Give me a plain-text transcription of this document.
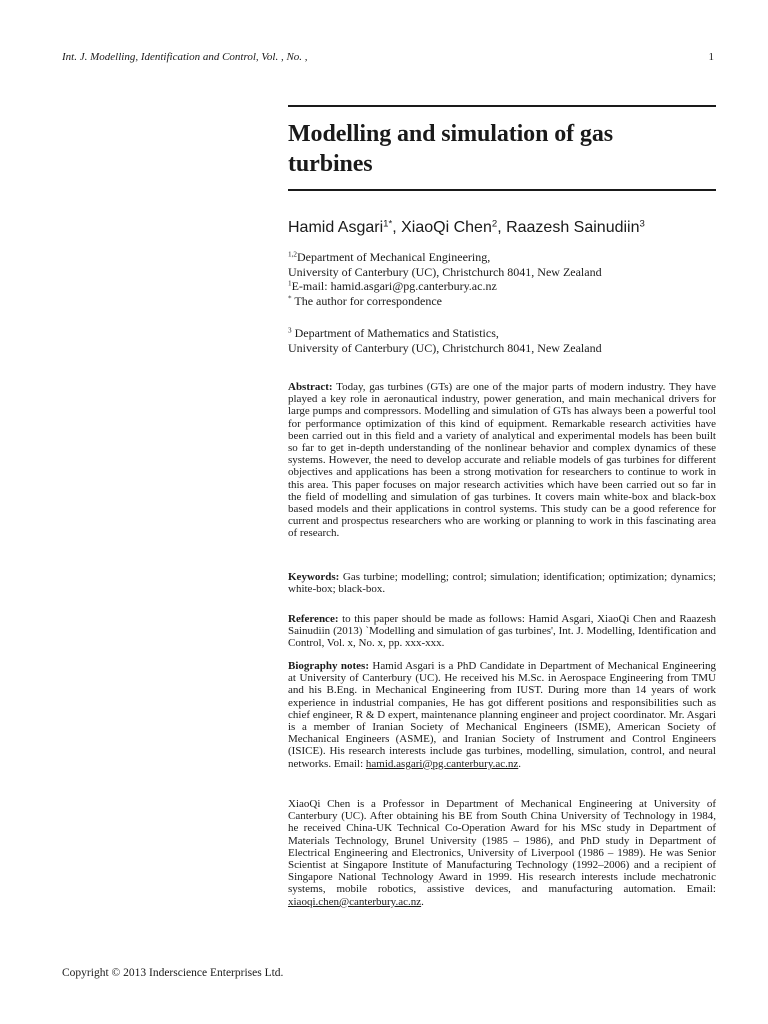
Int. J. Modelling, Identification and Control, Vol. , No. ,	1
Modelling and simulation of gas
turbines
Hamid Asgari$^{1*}$, XiaoQi Chen$^2$, Raazesh Sainudiin$^3$
$^{1,2}$Department of Mechanical Engineering,
University of Canterbury (UC), Christchurch 8041, New Zealand
$^1$E-mail: hamid.asgari@pg.canterbury.ac.nz
* The author for correspondence
$^3$ Department of Mathematics and Statistics,
University of Canterbury (UC), Christchurch 8041, New Zealand

Abstract: Today, gas turbines (GTs) are one of the major parts of modern industry. They have played a key role in aeronautical industry, power generation, and main mechanical drivers for large pumps and compressors. Modelling and simulation of GTs has always been a powerful tool for performance optimization of this kind of equipment. Remarkable research activities have been carried out in this field and a variety of analytical and experimental models has been built so far to get in-depth understanding of the nonlinear behavior and complex dynamics of these systems. However, the need to develop accurate and reliable models of gas turbines for different objectives and applications has been a strong motivation for researchers to continue to work in this area. This paper focuses on major research activities which have been carried out so far in the field of modelling and simulation of gas turbines. It covers main white-box and black-box based models and their applications in control systems. This study can be a good reference for current and prospectus researchers who are working or planning to work in this fascinating area of research.

Keywords: Gas turbine; modelling; control; simulation; identification; optimization; dynamics; white-box; black-box.

Reference: to this paper should be made as follows: Hamid Asgari, XiaoQi Chen and Raazesh Sainudiin (2013) `Modelling and simulation of gas turbines', Int. J. Modelling, Identification and Control, Vol. x, No. x, pp. xxx-xxx.

Biography notes: Hamid Asgari is a PhD Candidate in Department of Mechanical Engineering at University of Canterbury (UC). He received his M.Sc. in Aerospace Engineering from TMU and his B.Eng. in Mechanical Engineering from IUST. During more than 14 years of work experience in industrial companies, He has got different positions and responsibilities such as chief engineer, R & D expert, maintenance planning engineer and project coordinator. Mr. Asgari is a member of Iranian Society of Mechanical Engineers (ISME), American Society of Mechanical Engineers (ASME), and Iranian Society of Instrument and Control Engineers (ISICE). His research interests include gas turbines, modelling, simulation, control, and neural networks. Email: hamid.asgari@pg.canterbury.ac.nz.

XiaoQi Chen is a Professor in Department of Mechanical Engineering at University of Canterbury (UC). After obtaining his BE from South China University of Technology in 1984, he received China-UK Technical Co-Operation Award for his MSc study in Department of Materials Technology, Brunel University (1985 – 1986), and PhD study in Department of Electrical Engineering and Electronics, University of Liverpool (1986 – 1989). He was Senior Scientist at Singapore Institute of Manufacturing Technology (1992–2006) and a recipient of Singapore National Technology Award in 1999. His research interests include mechatronic systems, mobile robotics, assistive devices, and manufacturing automation. Email: xiaoqi.chen@canterbury.ac.nz.

Copyright © 2013 Inderscience Enterprises Ltd.
